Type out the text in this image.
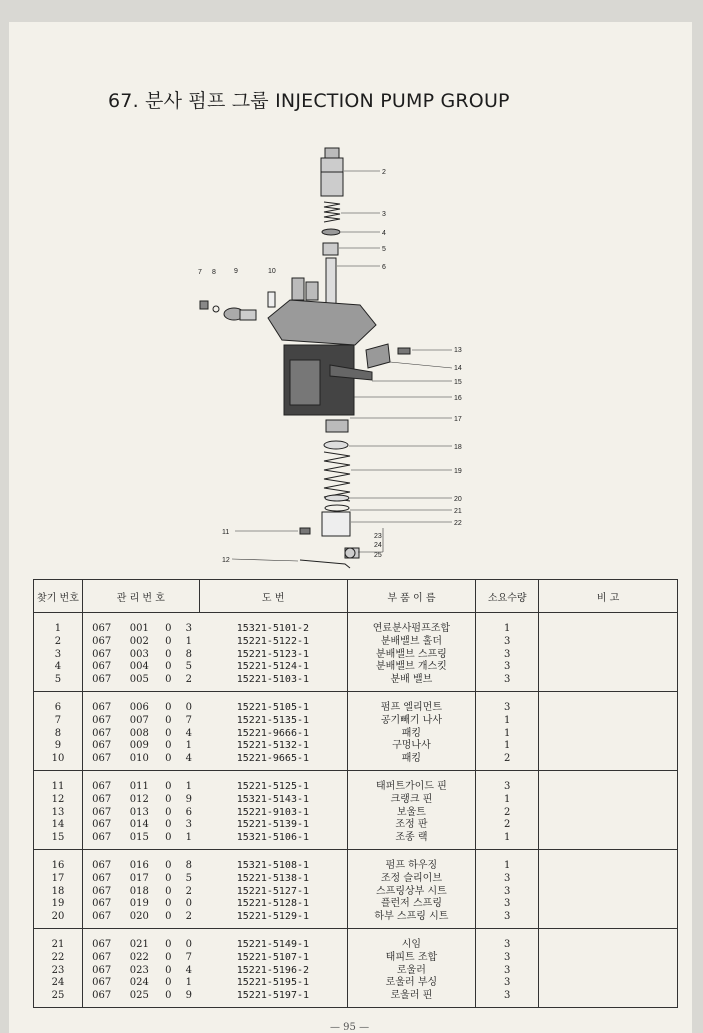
67. 분사 펌프 그룹 INJECTION PUMP GROUP
2
3
4
5
6
7 8	9	10
11
12
13
14
15
16
17
18
19
20
21
22
23
24
25
찾기 번호	관 리 번 호				도 번	부 품 이 름	소요수량	비 고
1	067	001	0	3	15321-5101-2	연료분사펌프조합	1	
2	067	002	0	1	15221-5122-1	분배밸브 홀더	3	
3	067	003	0	8	15221-5123-1	분배밸브 스프링	3	
4	067	004	0	5	15221-5124-1	분배밸브 개스킷	3	
5	067	005	0	2	15221-5103-1	분배 밸브	3	
6	067	006	0	0	15221-5105-1	펌프 엘리먼트	3	
7	067	007	0	7	15221-5135-1	공기빼기 나사	1	
8	067	008	0	4	15221-9666-1	패킹	1	
9	067	009	0	1	15221-5132-1	구멍나사	1	
10	067	010	0	4	15221-9665-1	패킹	2	
11	067	011	0	1	15221-5125-1	태퍼트가이드 핀	3	
12	067	012	0	9	15321-5143-1	크랭크 핀	1	
13	067	013	0	6	15221-9103-1	보울트	2	
14	067	014	0	3	15221-5139-1	조정 판	2	
15	067	015	0	1	15321-5106-1	조종 랙	1	
16	067	016	0	8	15321-5108-1	펌프 하우징	1	
17	067	017	0	5	15221-5138-1	조정 슬리이브	3	
18	067	018	0	2	15221-5127-1	스프링상부 시트	3	
19	067	019	0	0	15221-5128-1	플런저 스프링	3	
20	067	020	0	2	15221-5129-1	하부 스프링 시트	3	
21	067	021	0	0	15221-5149-1	시임	3	
22	067	022	0	7	15221-5107-1	태피트 조합	3	
23	067	023	0	4	15221-5196-2	로울러	3	
24	067	024	0	1	15221-5195-1	로울러 부싱	3	
25	067	025	0	9	15221-5197-1	로울러 핀	3	
— 95 —
